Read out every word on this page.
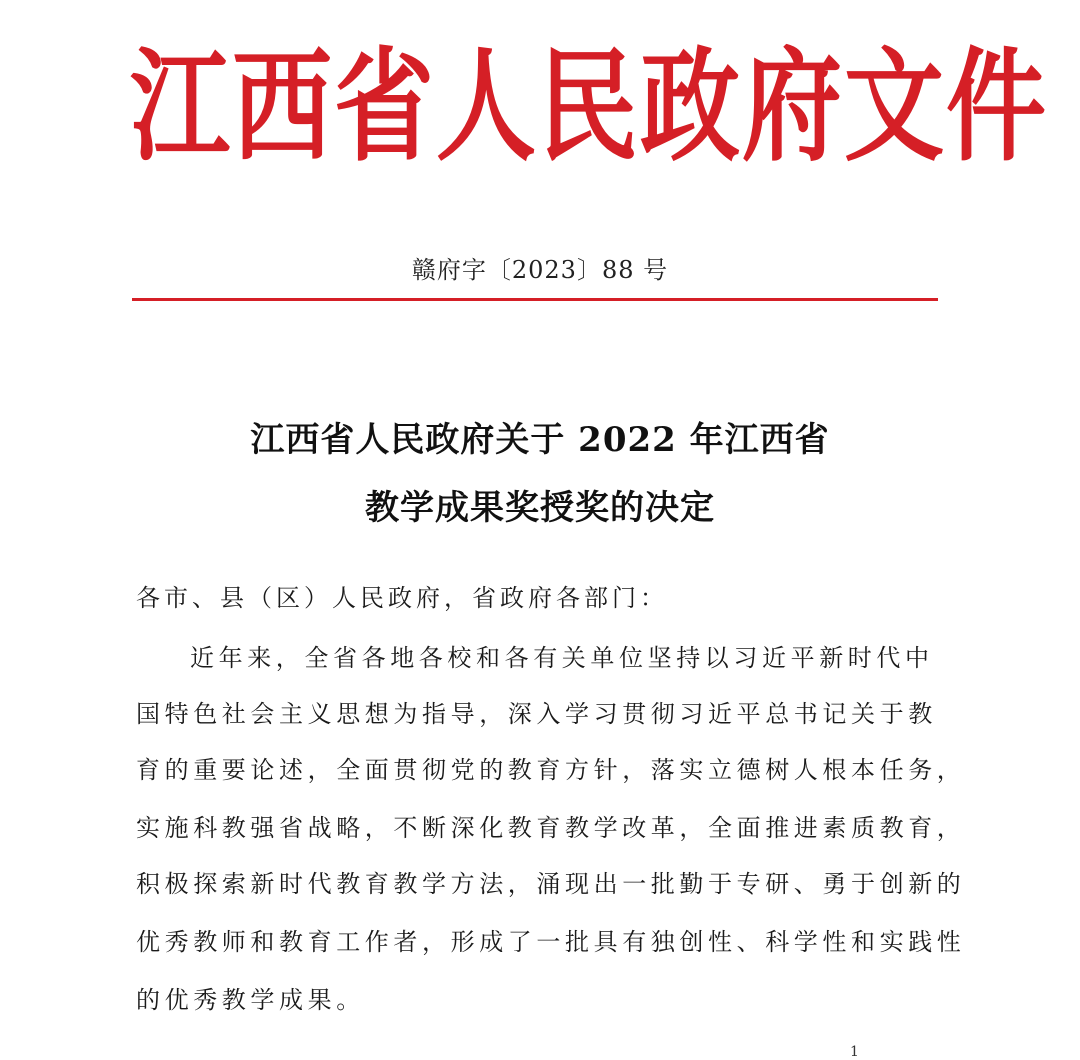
江西省人民政府文件
赣府字〔2023〕88 号
江西省人民政府关于 2022 年江西省
教学成果奖授奖的决定
各市、县（区）人民政府，省政府各部门：
近年来，全省各地各校和各有关单位坚持以习近平新时代中
国特色社会主义思想为指导，深入学习贯彻习近平总书记关于教
育的重要论述，全面贯彻党的教育方针，落实立德树人根本任务，
实施科教强省战略，不断深化教育教学改革，全面推进素质教育，
积极探索新时代教育教学方法，涌现出一批勤于专研、勇于创新的
优秀教师和教育工作者，形成了一批具有独创性、科学性和实践性
的优秀教学成果。
1
